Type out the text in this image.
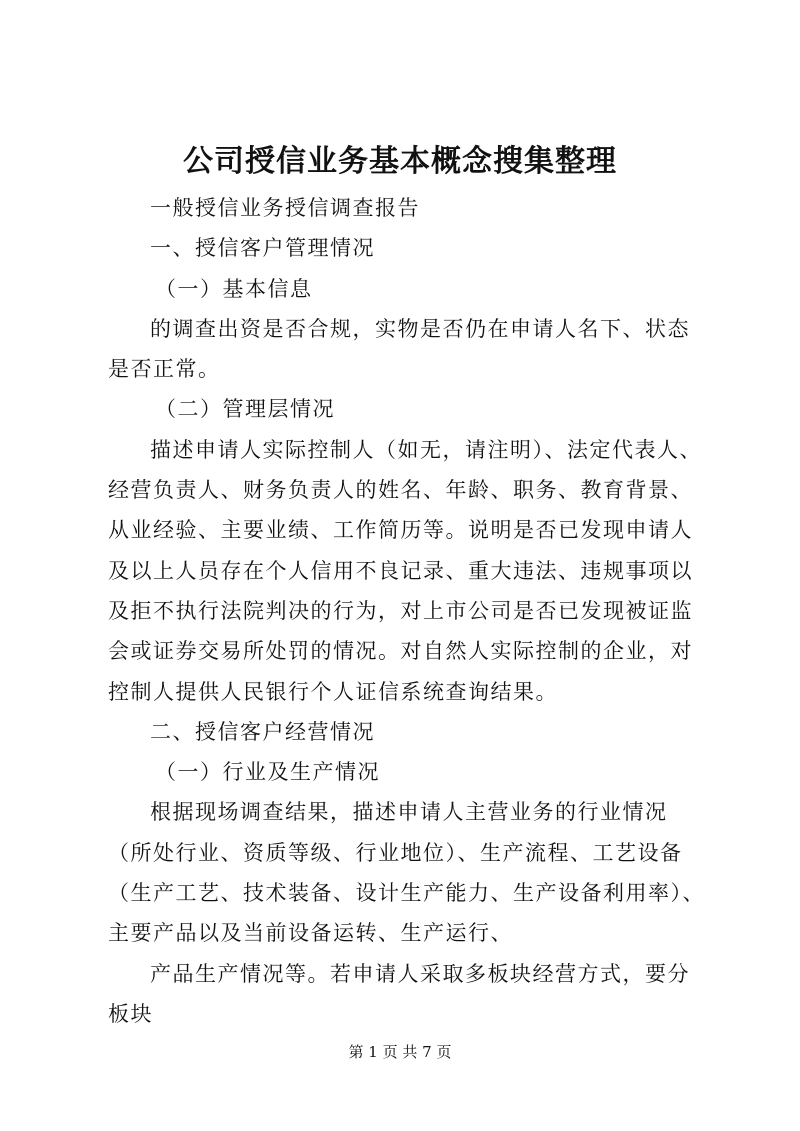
公司授信业务基本概念搜集整理

一般授信业务授信调查报告

一、授信客户管理情况

（一）基本信息

的调查出资是否合规，实物是否仍在申请人名下、状态是否正常。

（二）管理层情况

描述申请人实际控制人（如无，请注明）、法定代表人、经营负责人、财务负责人的姓名、年龄、职务、教育背景、从业经验、主要业绩、工作简历等。说明是否已发现申请人及以上人员存在个人信用不良记录、重大违法、违规事项以及拒不执行法院判决的行为，对上市公司是否已发现被证监会或证券交易所处罚的情况。对自然人实际控制的企业，对控制人提供人民银行个人证信系统查询结果。

二、授信客户经营情况

（一）行业及生产情况

根据现场调查结果，描述申请人主营业务的行业情况（所处行业、资质等级、行业地位）、生产流程、工艺设备（生产工艺、技术装备、设计生产能力、生产设备利用率）、主要产品以及当前设备运转、生产运行、

产品生产情况等。若申请人采取多板块经营方式，要分板块

第 1 页 共 7 页
